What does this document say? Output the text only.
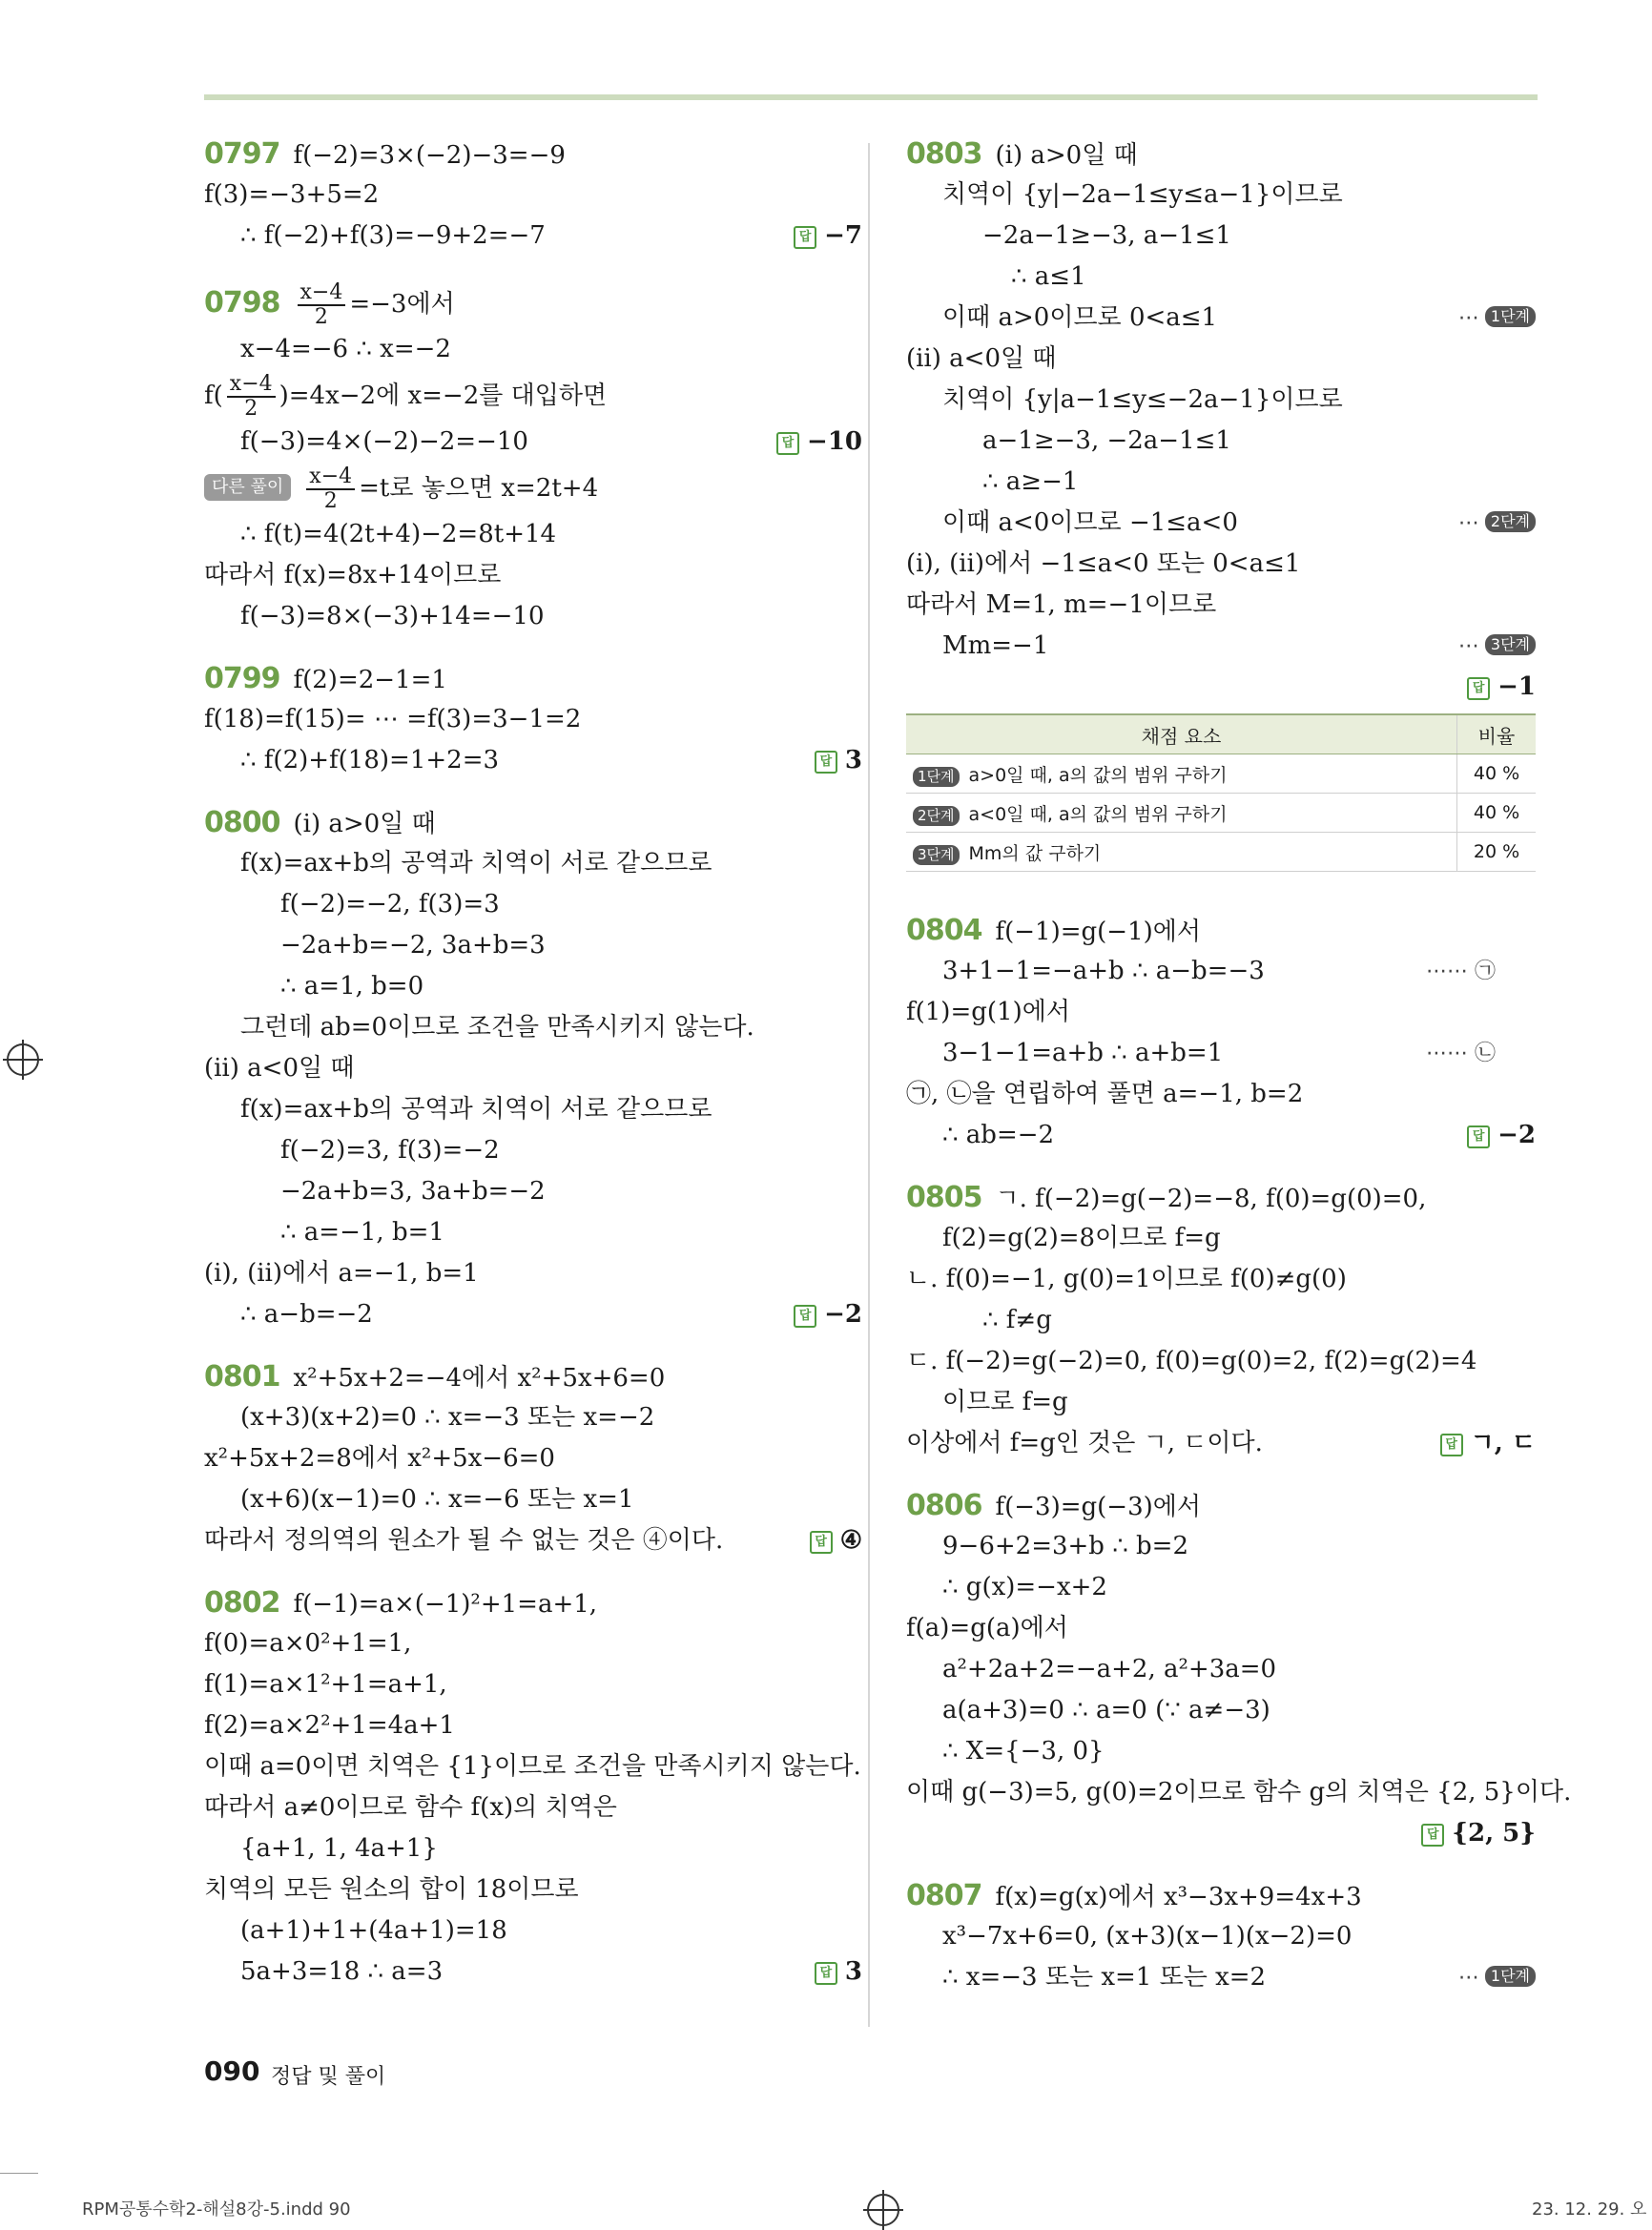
0797 f(−2)=3×(−2)−3=−9
f(3)=−3+5=2
∴ f(−2)+f(3)=−9+2=−7	답 −7
$0798 \frac{x-4}{2} =-3$에서
x−4=−6 ∴ x=−2
$f( \frac{x-4}{2} )=4x-2$에 x=−2를 대입하면
f(−3)=4×(−2)−2=−10	답 −10
다른 풀이 $\frac{x-4}{2} =t$로 놓으면 x=2t+4
∴ f(t)=4(2t+4)−2=8t+14
따라서 f(x)=8x+14이므로
f(−3)=8×(−3)+14=−10
0799 f(2)=2−1=1
f(18)=f(15)= ⋯ =f(3)=3−1=2
∴ f(2)+f(18)=1+2=3	답 3
0800 (ⅰ) a>0일 때
f(x)=ax+b의 공역과 치역이 서로 같으므로
f(−2)=−2, f(3)=3
−2a+b=−2, 3a+b=3
∴ a=1, b=0
그런데 ab=0이므로 조건을 만족시키지 않는다.
(ⅱ) a<0일 때
f(x)=ax+b의 공역과 치역이 서로 같으므로
f(−2)=3, f(3)=−2
−2a+b=3, 3a+b=−2
∴ a=−1, b=1
(ⅰ), (ⅱ)에서 a=−1, b=1
∴ a−b=−2	답 −2
0801 x²+5x+2=−4에서 x²+5x+6=0
(x+3)(x+2)=0 ∴ x=−3 또는 x=−2
x²+5x+2=8에서 x²+5x−6=0
(x+6)(x−1)=0 ∴ x=−6 또는 x=1
따라서 정의역의 원소가 될 수 없는 것은 ④이다.	답 ④
0802 f(−1)=a×(−1)²+1=a+1,
f(0)=a×0²+1=1,
f(1)=a×1²+1=a+1,
f(2)=a×2²+1=4a+1
이때 a=0이면 치역은 {1}이므로 조건을 만족시키지 않는다.
따라서 a≠0이므로 함수 f(x)의 치역은
{a+1, 1, 4a+1}
치역의 모든 원소의 합이 18이므로
(a+1)+1+(4a+1)=18
5a+3=18 ∴ a=3	답 3
0803 (ⅰ) a>0일 때
치역이 {y|−2a−1≤y≤a−1}이므로
−2a−1≥−3, a−1≤1
∴ a≤1
이때 a>0이므로 0<a≤1	⋯ 1단계
(ⅱ) a<0일 때
치역이 {y|a−1≤y≤−2a−1}이므로
a−1≥−3, −2a−1≤1
∴ a≥−1
이때 a<0이므로 −1≤a<0	⋯ 2단계
(ⅰ), (ⅱ)에서 −1≤a<0 또는 0<a≤1
따라서 M=1, m=−1이므로
Mm=−1	⋯ 3단계
답 −1
채점 요소	비율
1단계 a>0일 때, a의 값의 범위 구하기	40 %
2단계 a<0일 때, a의 값의 범위 구하기	40 %
3단계 Mm의 값 구하기	20 %
0804 f(−1)=g(−1)에서
3+1−1=−a+b ∴ a−b=−3	⋯⋯ ㉠
f(1)=g(1)에서
3−1−1=a+b ∴ a+b=1	⋯⋯ ㉡
㉠, ㉡을 연립하여 풀면 a=−1, b=2
∴ ab=−2	답 −2
0805 ㄱ. f(−2)=g(−2)=−8, f(0)=g(0)=0,
f(2)=g(2)=8이므로 f=g
ㄴ. f(0)=−1, g(0)=1이므로 f(0)≠g(0)
∴ f≠g
ㄷ. f(−2)=g(−2)=0, f(0)=g(0)=2, f(2)=g(2)=4
이므로 f=g
이상에서 f=g인 것은 ㄱ, ㄷ이다.	답 ㄱ, ㄷ
0806 f(−3)=g(−3)에서
9−6+2=3+b ∴ b=2
∴ g(x)=−x+2
f(a)=g(a)에서
a²+2a+2=−a+2, a²+3a=0
a(a+3)=0 ∴ a=0 (∵ a≠−3)
∴ X={−3, 0}
이때 g(−3)=5, g(0)=2이므로 함수 g의 치역은 {2, 5}이다.
답 {2, 5}
0807 f(x)=g(x)에서 x³−3x+9=4x+3
x³−7x+6=0, (x+3)(x−1)(x−2)=0
∴ x=−3 또는 x=1 또는 x=2	⋯ 1단계
090 정답 및 풀이
RPM공통수학2-해설8강-5.indd 90	23. 12. 29. 오
